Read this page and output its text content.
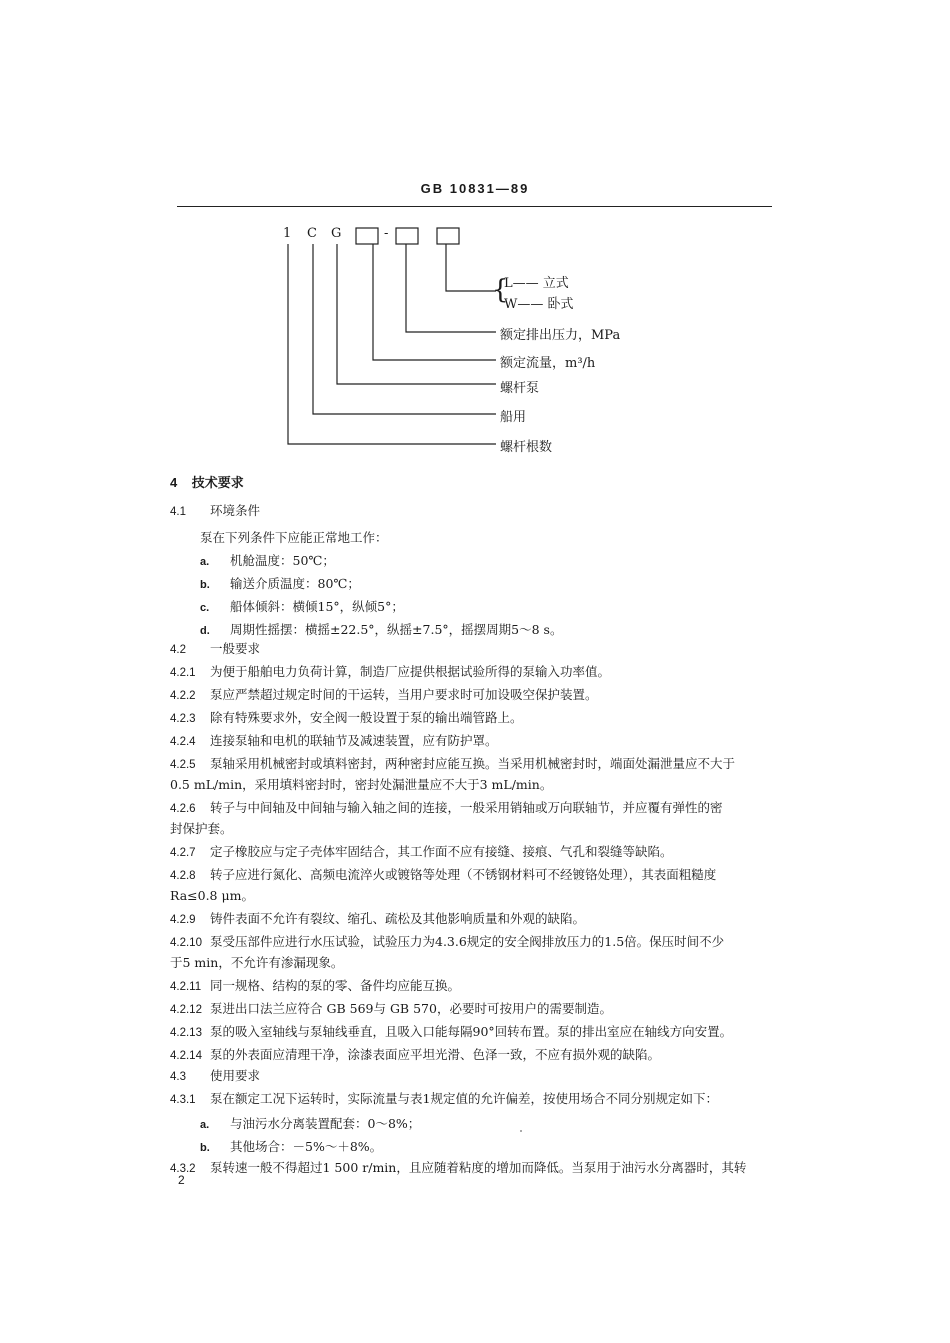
GB 10831—89
1 C G	-
{
L—— 立式
W—— 卧式
额定排出压力，MPa
额定流量，m³/h
螺杆泵
船用
螺杆根数
4 技术要求
4.1 环境条件
泵在下列条件下应能正常地工作：
a. 机舱温度：50℃；
b. 输送介质温度：80℃；
c. 船体倾斜：横倾15°，纵倾5°；
d. 周期性摇摆：横摇±22.5°，纵摇±7.5°，摇摆周期5～8 s。
4.2 一般要求
4.2.1 为便于船舶电力负荷计算，制造厂应提供根据试验所得的泵输入功率值。
4.2.2 泵应严禁超过规定时间的干运转，当用户要求时可加设吸空保护装置。
4.2.3 除有特殊要求外，安全阀一般设置于泵的输出端管路上。
4.2.4 连接泵轴和电机的联轴节及减速装置，应有防护罩。
4.2.5 泵轴采用机械密封或填料密封，两种密封应能互换。当采用机械密封时，端面处漏泄量应不大于
0.5 mL/min，采用填料密封时，密封处漏泄量应不大于3 mL/min。
4.2.6 转子与中间轴及中间轴与输入轴之间的连接，一般采用销轴或万向联轴节，并应覆有弹性的密
封保护套。
4.2.7 定子橡胶应与定子壳体牢固结合，其工作面不应有接缝、接痕、气孔和裂缝等缺陷。
4.2.8 转子应进行氮化、高频电流淬火或镀铬等处理（不锈钢材料可不经镀铬处理），其表面粗糙度
Ra≤0.8 μm。
4.2.9 铸件表面不允许有裂纹、缩孔、疏松及其他影响质量和外观的缺陷。
4.2.10 泵受压部件应进行水压试验，试验压力为4.3.6规定的安全阀排放压力的1.5倍。保压时间不少
于5 min，不允许有渗漏现象。
4.2.11 同一规格、结构的泵的零、备件均应能互换。
4.2.12 泵进出口法兰应符合 GB 569与 GB 570，必要时可按用户的需要制造。
4.2.13 泵的吸入室轴线与泵轴线垂直，且吸入口能每隔90°回转布置。泵的排出室应在轴线方向安置。
4.2.14 泵的外表面应清理干净，涂漆表面应平坦光滑、色泽一致，不应有损外观的缺陷。
4.3 使用要求
4.3.1 泵在额定工况下运转时，实际流量与表1规定值的允许偏差，按使用场合不同分别规定如下：
a. 与油污水分离装置配套：0～8%；
b. 其他场合：－5%～＋8%。
4.3.2 泵转速一般不得超过1 500 r/min，且应随着粘度的增加而降低。当泵用于油污水分离器时，其转
2
